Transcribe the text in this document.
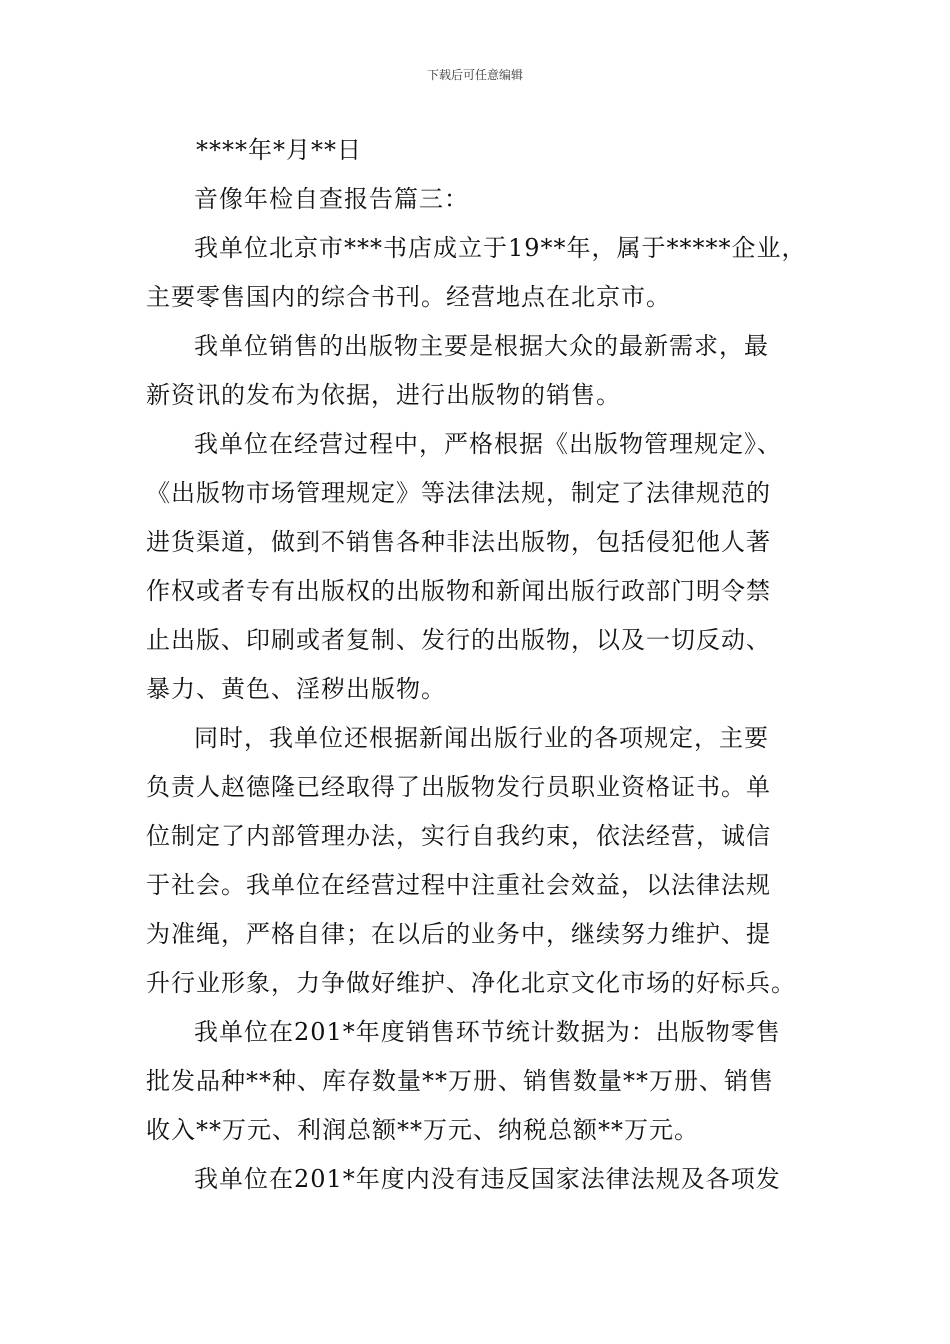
下载后可任意编辑
****年*月**日
音像年检自查报告篇三：
我单位北京市***书店成立于19**年，属于*****企业，
主要零售国内的综合书刊。经营地点在北京市。
我单位销售的出版物主要是根据大众的最新需求，最
新资讯的发布为依据，进行出版物的销售。
我单位在经营过程中，严格根据《出版物管理规定》、
《出版物市场管理规定》等法律法规，制定了法律规范的
进货渠道，做到不销售各种非法出版物，包括侵犯他人著
作权或者专有出版权的出版物和新闻出版行政部门明令禁
止出版、印刷或者复制、发行的出版物，以及一切反动、
暴力、黄色、淫秽出版物。
同时，我单位还根据新闻出版行业的各项规定，主要
负责人赵德隆已经取得了出版物发行员职业资格证书。单
位制定了内部管理办法，实行自我约束，依法经营，诚信
于社会。我单位在经营过程中注重社会效益，以法律法规
为准绳，严格自律；在以后的业务中，继续努力维护、提
升行业形象，力争做好维护、净化北京文化市场的好标兵。
我单位在201*年度销售环节统计数据为：出版物零售
批发品种**种、库存数量**万册、销售数量**万册、销售
收入**万元、利润总额**万元、纳税总额**万元。
我单位在201*年度内没有违反国家法律法规及各项发
